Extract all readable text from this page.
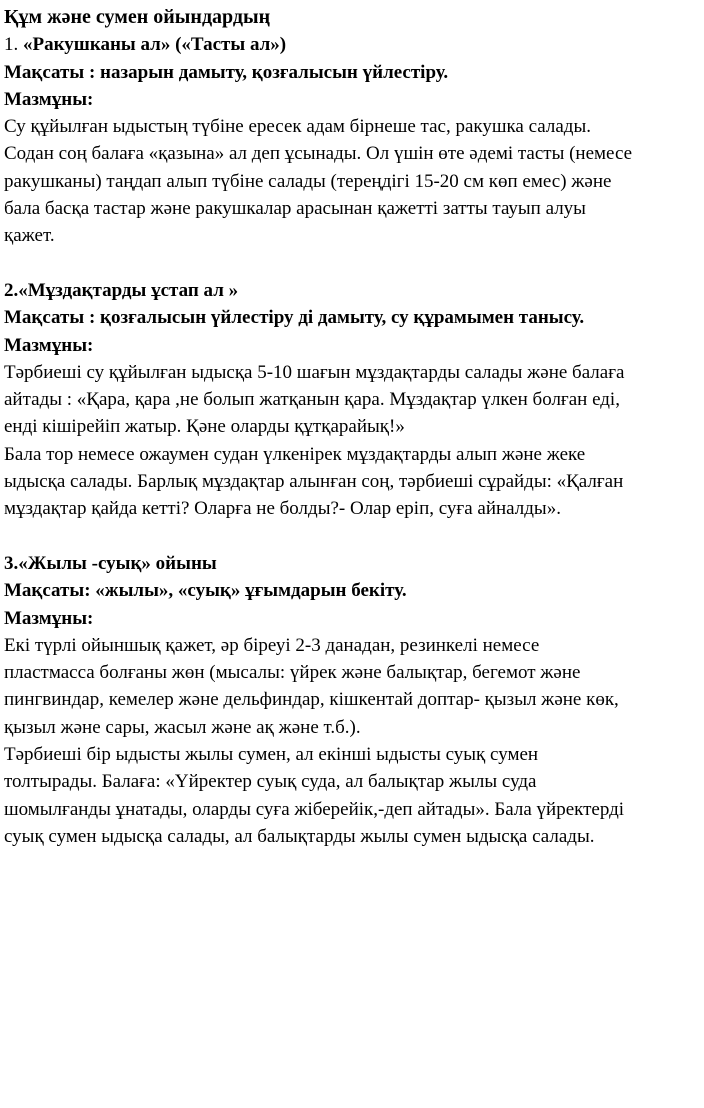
Құм және сумен ойындардың
1. «Ракушканы ал» («Тасты ал»)
Мақсаты : назарын дамыту, қозғалысын үйлестіру.
Мазмұны:
Су құйылған ыдыстың түбіне ересек адам бірнеше тас, ракушка салады.
Содан соң балаға «қазына» ал деп ұсынады. Ол үшін өте әдемі тасты (немесе
ракушканы) таңдап алып түбіне салады (тереңдігі 15-20 см көп емес) және
бала басқа тастар және ракушкалар арасынан қажетті затты тауып алуы
қажет.
2.«Мұздақтарды ұстап ал »
Мақсаты : қозғалысын үйлестіру ді дамыту, су құрамымен танысу.
Мазмұны:
Тәрбиеші су құйылған ыдысқа 5-10 шағын мұздақтарды салады және балаға
айтады : «Қара, қара ,не болып жатқанын қара. Мұздақтар үлкен болған еді,
енді кішірейіп жатыр. Қәне оларды құтқарайық!»
Бала тор немесе ожаумен судан үлкенірек мұздақтарды алып және жеке
ыдысқа салады. Барлық мұздақтар алынған соң, тәрбиеші сұрайды: «Қалған
мұздақтар қайда кетті? Оларға не болды?- Олар еріп, суға айналды».
3.«Жылы -суық» ойыны
Мақсаты: «жылы», «суық» ұғымдарын бекіту.
Мазмұны:
Екі түрлі ойыншық қажет, әр біреуі 2-3 данадан, резинкелі немесе
пластмасса болғаны жөн (мысалы: үйрек және балықтар, бегемот және
пингвиндар, кемелер және дельфиндар, кішкентай доптар- қызыл және көк,
қызыл және сары, жасыл және ақ және т.б.).
Тәрбиеші бір ыдысты жылы сумен, ал екінші ыдысты суық сумен
толтырады. Балаға: «Үйректер суық суда, ал балықтар жылы суда
шомылғанды ұнатады, оларды суға жіберейік,-деп айтады». Бала үйректерді
суық сумен ыдысқа салады, ал балықтарды жылы сумен ыдысқа салады.
